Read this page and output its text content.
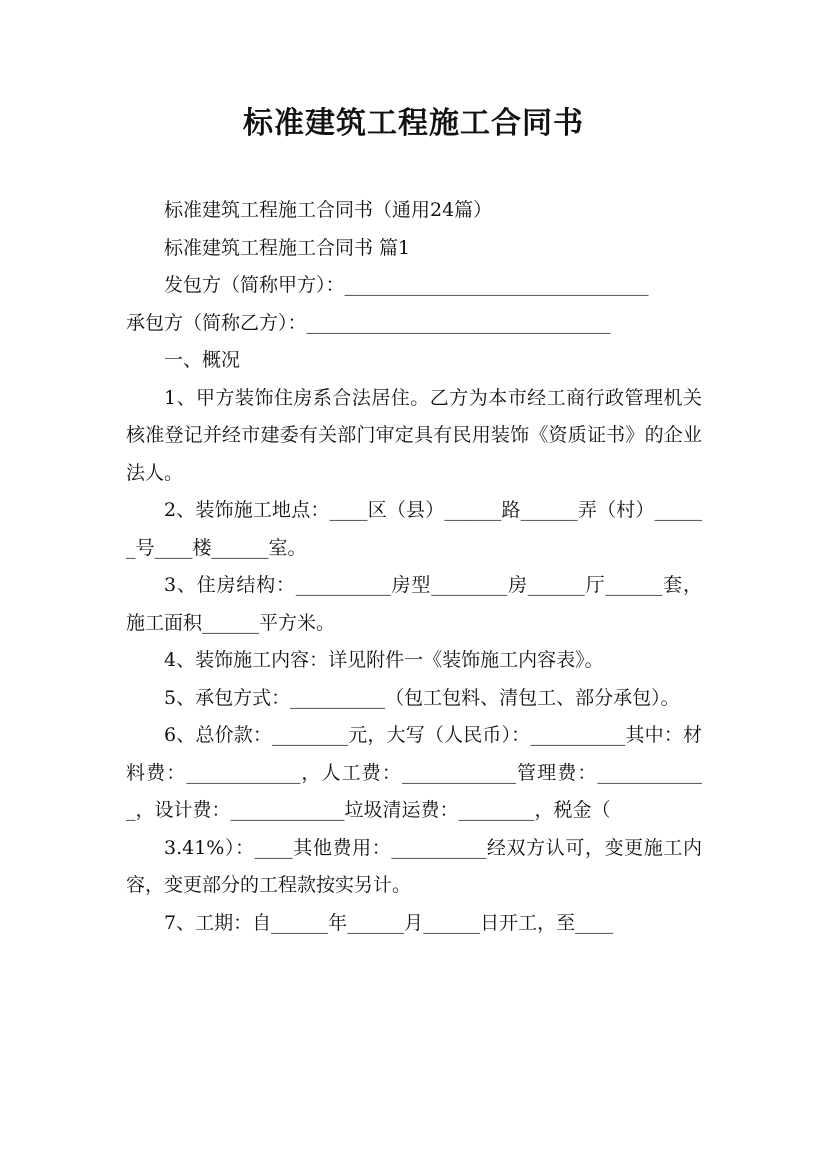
标准建筑工程施工合同书

标准建筑工程施工合同书（通用24篇）

标准建筑工程施工合同书 篇1

发包方（简称甲方）：________________________________

承包方（简称乙方）：________________________________

一、概况

1、甲方装饰住房系合法居住。乙方为本市经工商行政管理机关核准登记并经市建委有关部门审定具有民用装饰《资质证书》的企业法人。

2、装饰施工地点：____区（县）______路______弄（村）______号____楼______室。

3、住房结构：__________房型________房______厅______套，施工面积______平方米。

4、装饰施工内容：详见附件一《装饰施工内容表》。

5、承包方式：__________（包工包料、清包工、部分承包）。

6、总价款：________元，大写（人民币）：__________其中：材料费：____________，人工费：____________管理费：____________，设计费：____________垃圾清运费：________，税金（

3.41%）：____其他费用：__________经双方认可，变更施工内容，变更部分的工程款按实另计。

7、工期：自______年______月______日开工，至____
